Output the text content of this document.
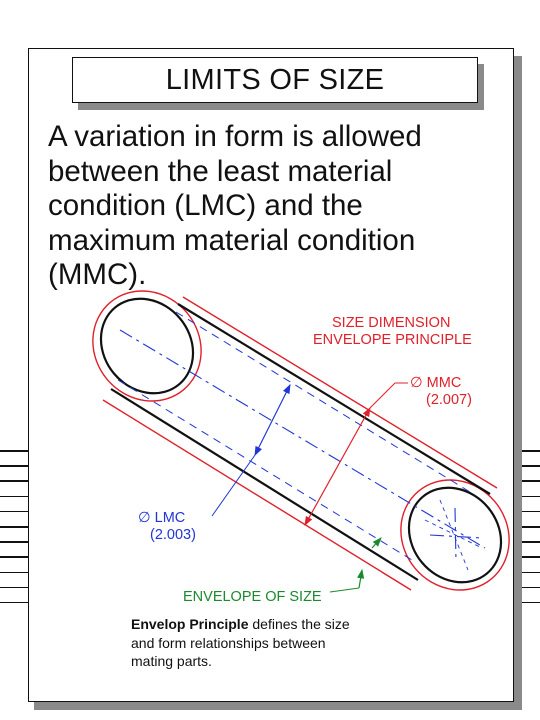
LIMITS OF SIZE
A variation in form is allowed between the least material condition (LMC) and the maximum material condition (MMC).
SIZE DIMENSION
ENVELOPE PRINCIPLE
∅ MMC
(2.007)
∅ LMC
(2.003)
ENVELOPE OF SIZE
Envelop Principle defines the size and form relationships between mating parts.
